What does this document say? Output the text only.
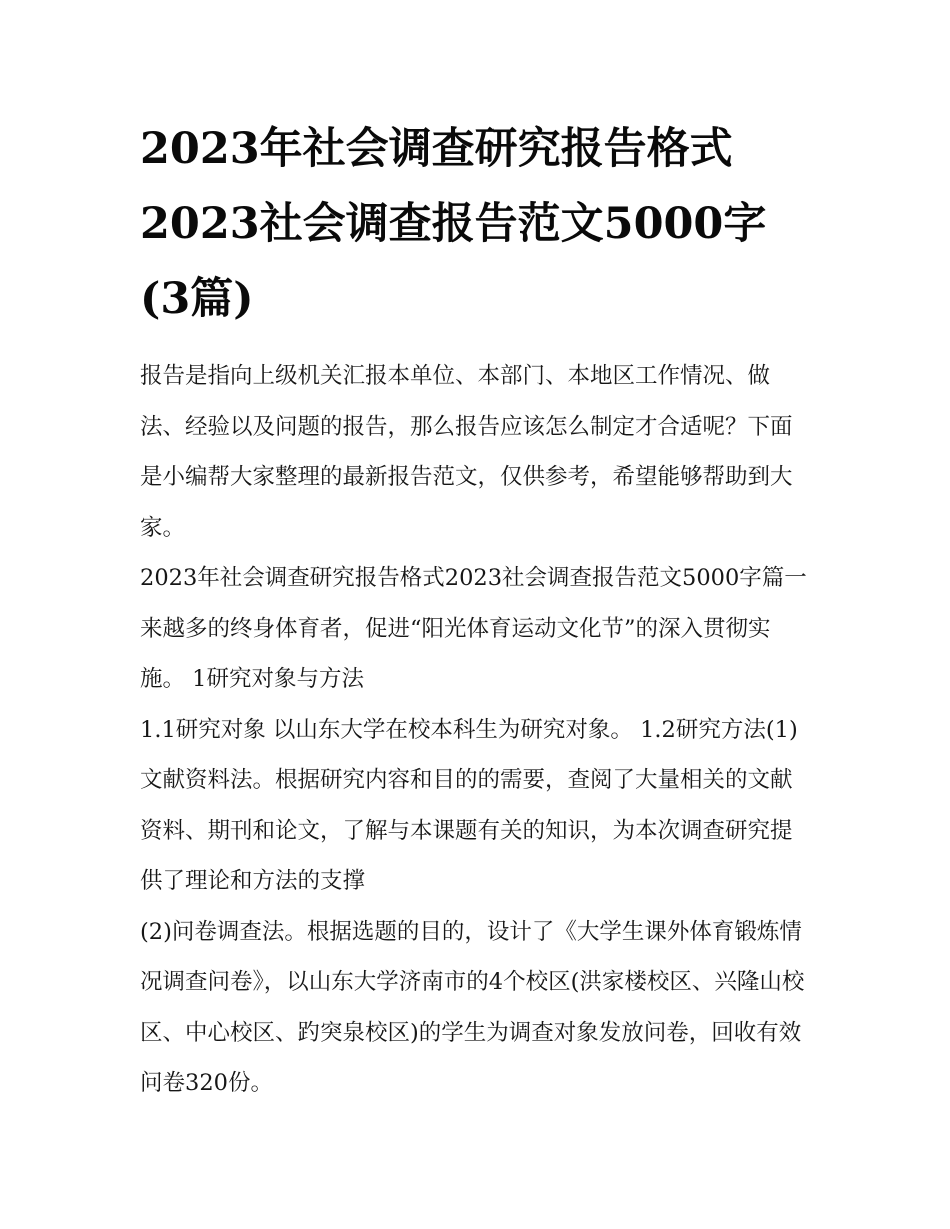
2023年社会调查研究报告格式2023社会调查报告范文5000字(3篇)

报告是指向上级机关汇报本单位、本部门、本地区工作情况、做法、经验以及问题的报告，那么报告应该怎么制定才合适呢？下面是小编帮大家整理的最新报告范文，仅供参考，希望能够帮助到大家。

2023年社会调查研究报告格式2023社会调查报告范文5000字篇一 来越多的终身体育者，促进“阳光体育运动文化节”的深入贯彻实施。 1研究对象与方法

1.1研究对象 以山东大学在校本科生为研究对象。 1.2研究方法(1)文献资料法。根据研究内容和目的的需要，查阅了大量相关的文献资料、期刊和论文，了解与本课题有关的知识，为本次调查研究提供了理论和方法的支撑

(2)问卷调查法。根据选题的目的，设计了《大学生课外体育锻炼情况调查问卷》，以山东大学济南市的4个校区(洪家楼校区、兴隆山校区、中心校区、趵突泉校区)的学生为调查对象发放问卷，回收有效问卷320份。
